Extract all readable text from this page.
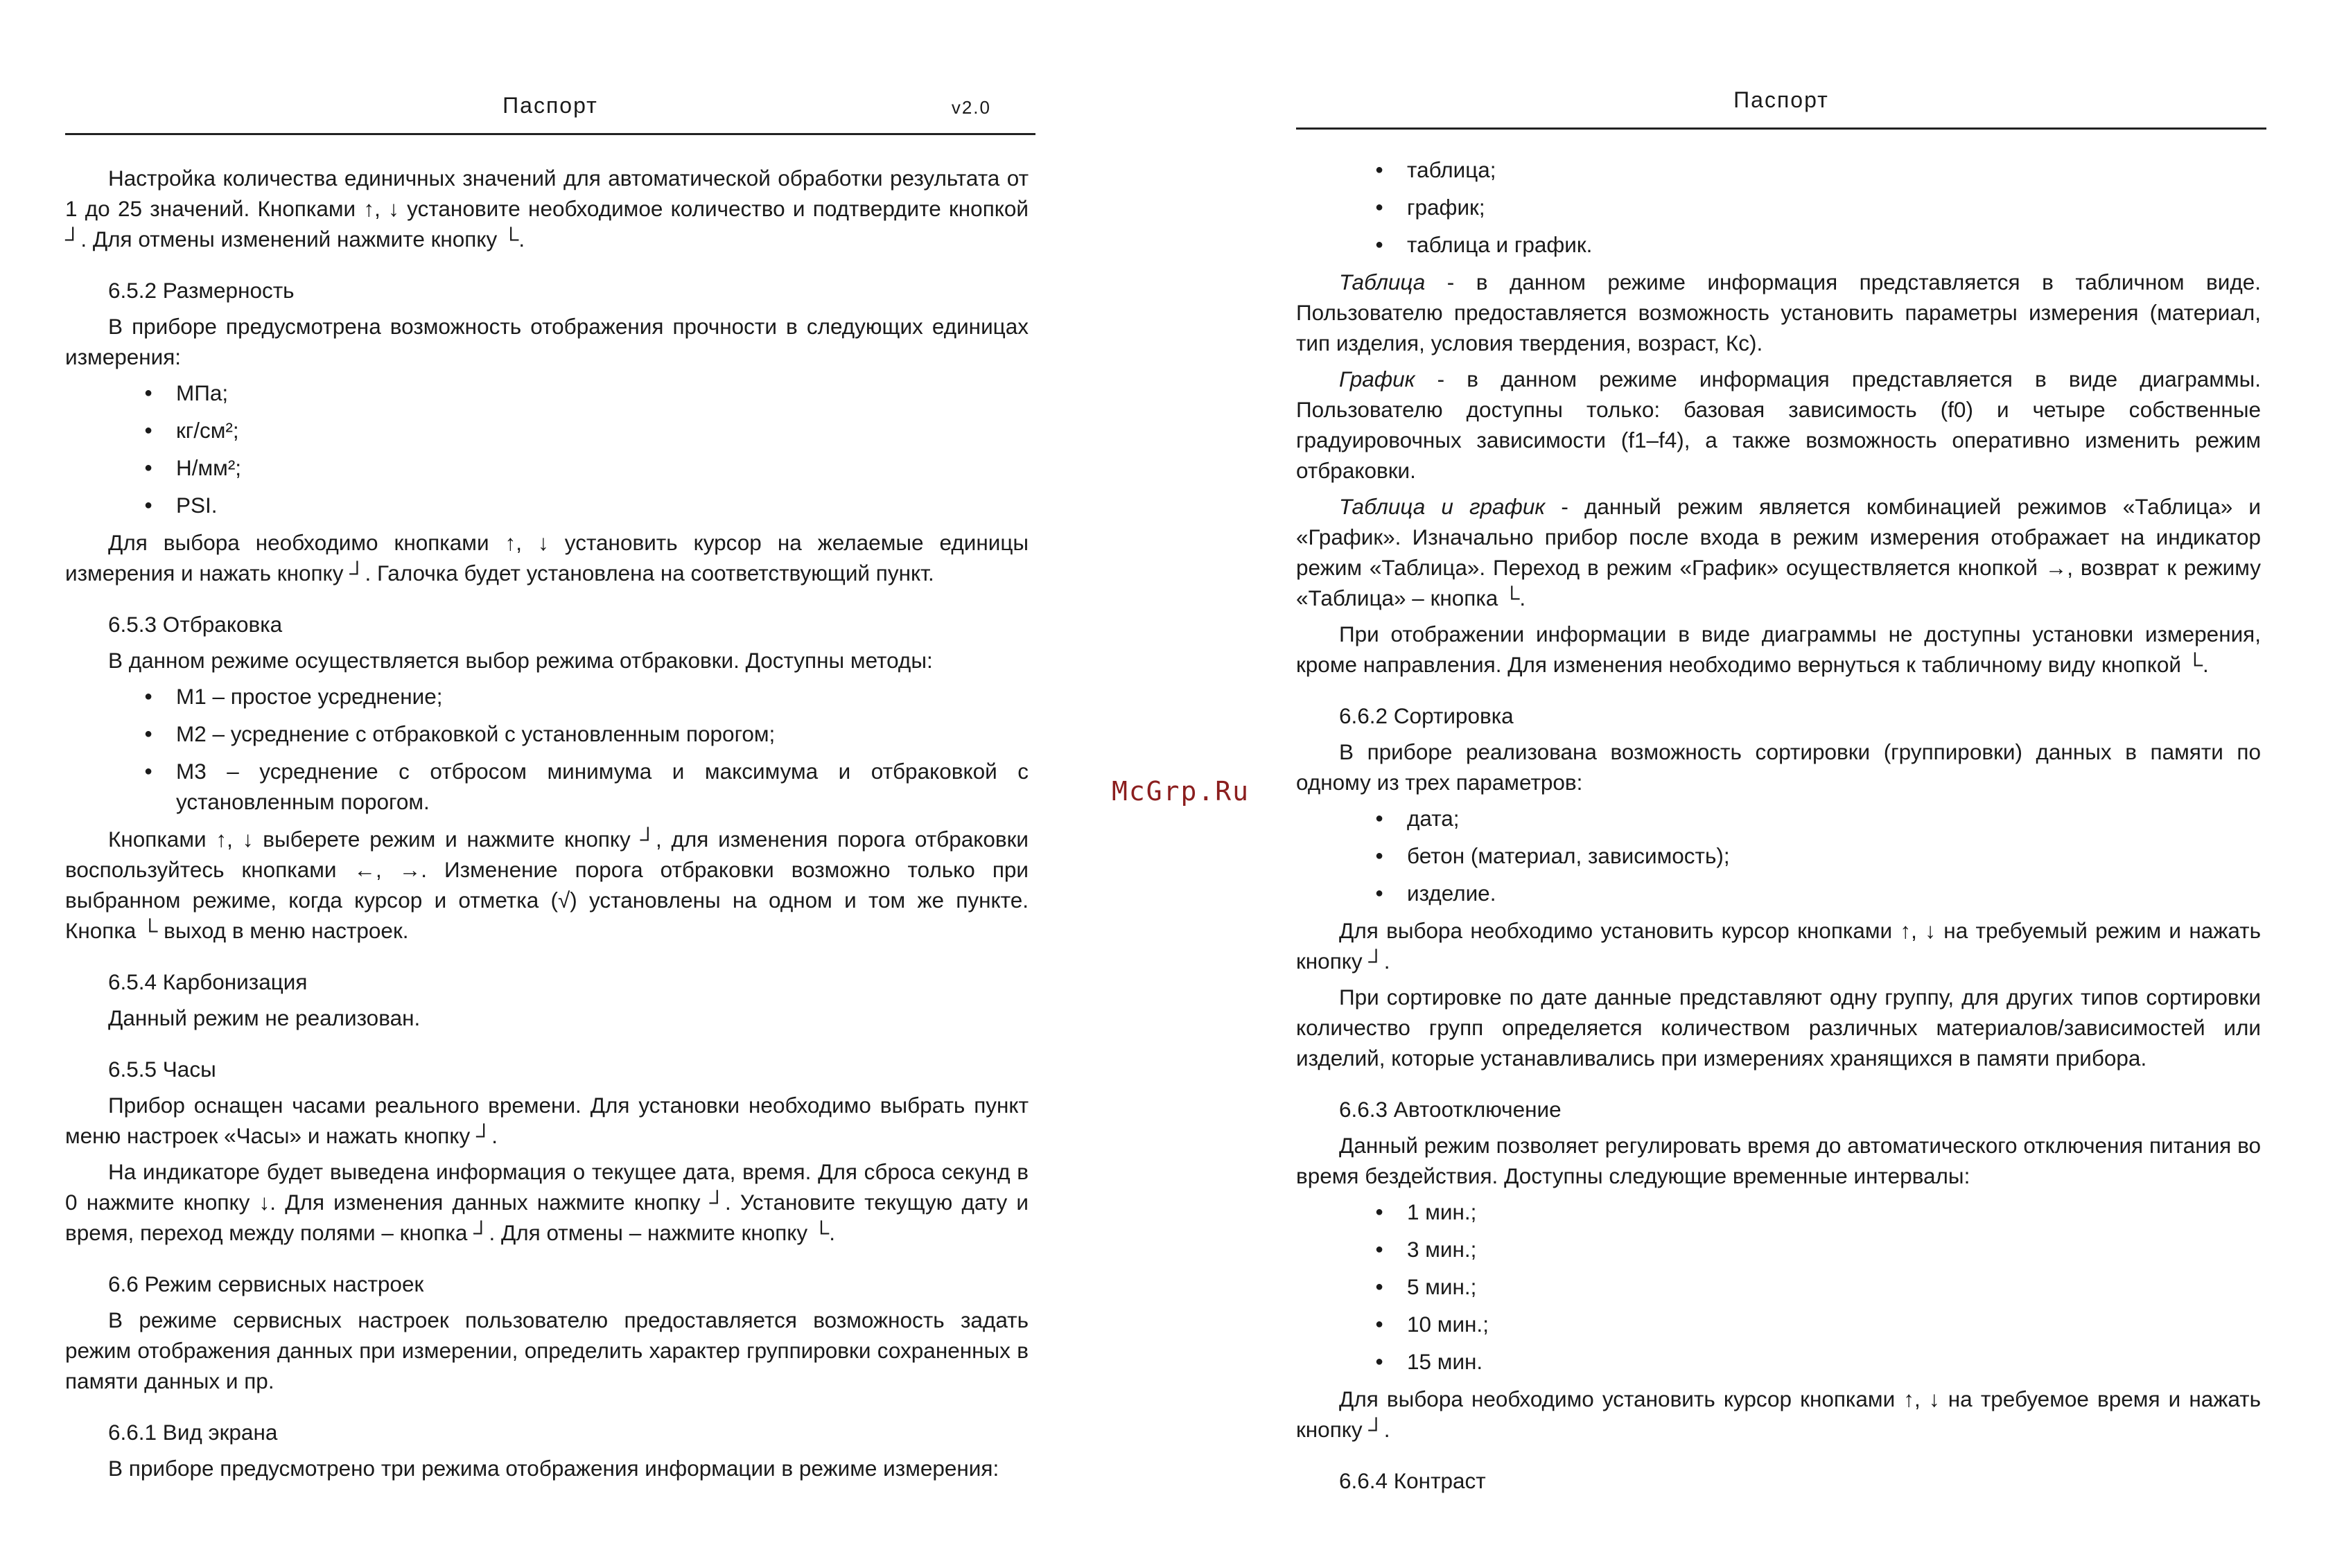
Паспорт	v2.0

Настройка количества единичных значений для автоматической обработки результата от 1 до 25 значений. Кнопками ↑, ↓ установите необходимое количество и подтвердите кнопкой ┘. Для отмены изменений нажмите кнопку └.

6.5.2 Размерность

В приборе предусмотрена возможность отображения прочности в следующих единицах измерения:

● МПа;
● кг/см²;
● Н/мм²;
● PSI.

Для выбора необходимо кнопками ↑, ↓ установить курсор на желаемые единицы измерения и нажать кнопку ┘. Галочка будет установлена на соответствующий пункт.

6.5.3 Отбраковка

В данном режиме осуществляется выбор режима отбраковки. Доступны методы:

● М1 – простое усреднение;
● М2 – усреднение с отбраковкой с установленным порогом;
● М3 – усреднение с отбросом минимума и максимума и отбраковкой с установленным порогом.

Кнопками ↑, ↓ выберете режим и нажмите кнопку ┘, для изменения порога отбраковки воспользуйтесь кнопками ←, →. Изменение порога отбраковки возможно только при выбранном режиме, когда курсор и отметка (√) установлены на одном и том же пункте. Кнопка └ выход в меню настроек.

6.5.4 Карбонизация

Данный режим не реализован.

6.5.5 Часы

Прибор оснащен часами реального времени. Для установки необходимо выбрать пункт меню настроек «Часы» и нажать кнопку ┘.

На индикаторе будет выведена информация о текущее дата, время. Для сброса секунд в 0 нажмите кнопку ↓. Для изменения данных нажмите кнопку ┘. Установите текущую дату и время, переход между полями – кнопка ┘. Для отмены – нажмите кнопку └.

6.6 Режим сервисных настроек

В режиме сервисных настроек пользователю предоставляется возможность задать режим отображения данных при измерении, определить характер группировки сохраненных в памяти данных и пр.

6.6.1 Вид экрана

В приборе предусмотрено три режима отображения информации в режиме измерения:

McGrp.Ru
Паспорт
● таблица;
● график;
● таблица и график.

Таблица - в данном режиме информация представляется в табличном виде. Пользователю предоставляется возможность установить параметры измерения (материал, тип изделия, условия твердения, возраст, Кс).

График - в данном режиме информация представляется в виде диаграммы. Пользователю доступны только: базовая зависимость (f0) и четыре собственные градуировочных зависимости (f1–f4), а также возможность оперативно изменить режим отбраковки.

Таблица и график - данный режим является комбинацией режимов «Таблица» и «График». Изначально прибор после входа в режим измерения отображает на индикатор режим «Таблица». Переход в режим «График» осуществляется кнопкой →, возврат к режиму «Таблица» – кнопка └.

При отображении информации в виде диаграммы не доступны установки измерения, кроме направления. Для изменения необходимо вернуться к табличному виду кнопкой └.

6.6.2 Сортировка

В приборе реализована возможность сортировки (группировки) данных в памяти по одному из трех параметров:

● дата;
● бетон (материал, зависимость);
● изделие.

Для выбора необходимо установить курсор кнопками ↑, ↓ на требуемый режим и нажать кнопку ┘.

При сортировке по дате данные представляют одну группу, для других типов сортировки количество групп определяется количеством различных материалов/зависимостей или изделий, которые устанавливались при измерениях хранящихся в памяти прибора.

6.6.3 Автоотключение

Данный режим позволяет регулировать время до автоматического отключения питания во время бездействия. Доступны следующие временные интервалы:

● 1 мин.;
● 3 мин.;
● 5 мин.;
● 10 мин.;
● 15 мин.

Для выбора необходимо установить курсор кнопками ↑, ↓ на требуемое время и нажать кнопку ┘.

6.6.4 Контраст
